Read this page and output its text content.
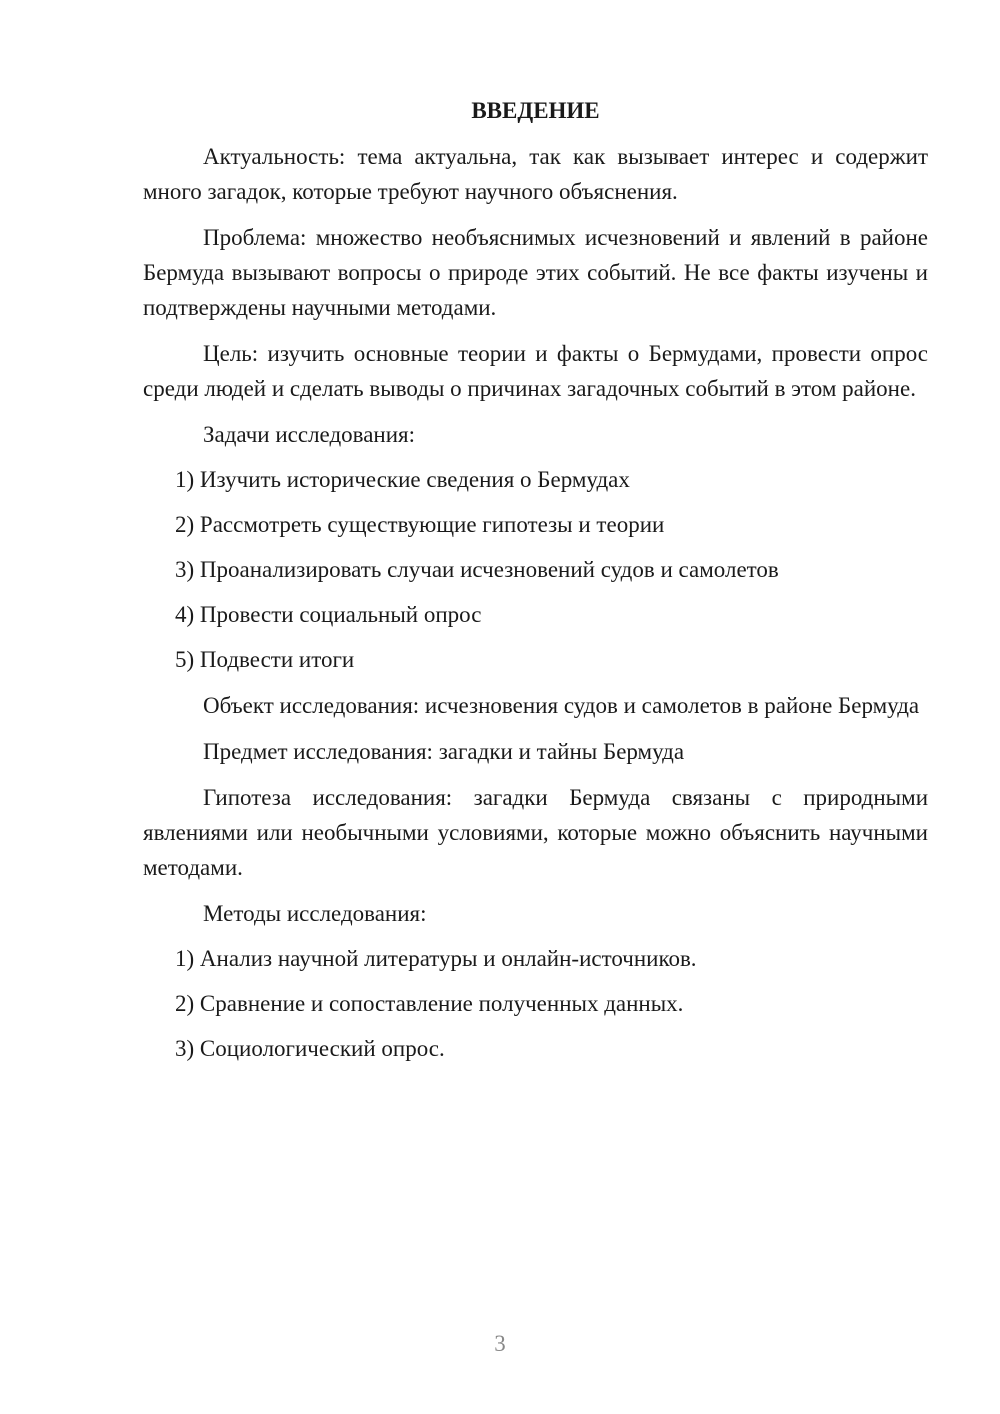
ВВЕДЕНИЕ
Актуальность: тема актуальна, так как вызывает интерес и содержит много загадок, которые требуют научного объяснения.
Проблема: множество необъяснимых исчезновений и явлений в районе Бермуда вызывают вопросы о природе этих событий. Не все факты изучены и подтверждены научными методами.
Цель: изучить основные теории и факты о Бермудами, провести опрос среди людей и сделать выводы о причинах загадочных событий в этом районе.
Задачи исследования:
1) Изучить исторические сведения о Бермудах
2) Рассмотреть существующие гипотезы и теории
3) Проанализировать случаи исчезновений судов и самолетов
4) Провести социальный опрос
5) Подвести итоги
Объект исследования: исчезновения судов и самолетов в районе Бермуда
Предмет исследования: загадки и тайны Бермуда
Гипотеза исследования: загадки Бермуда связаны с природными явлениями или необычными условиями, которые можно объяснить научными методами.
Методы исследования:
1) Анализ научной литературы и онлайн-источников.
2) Сравнение и сопоставление полученных данных.
3) Социологический опрос.
3
